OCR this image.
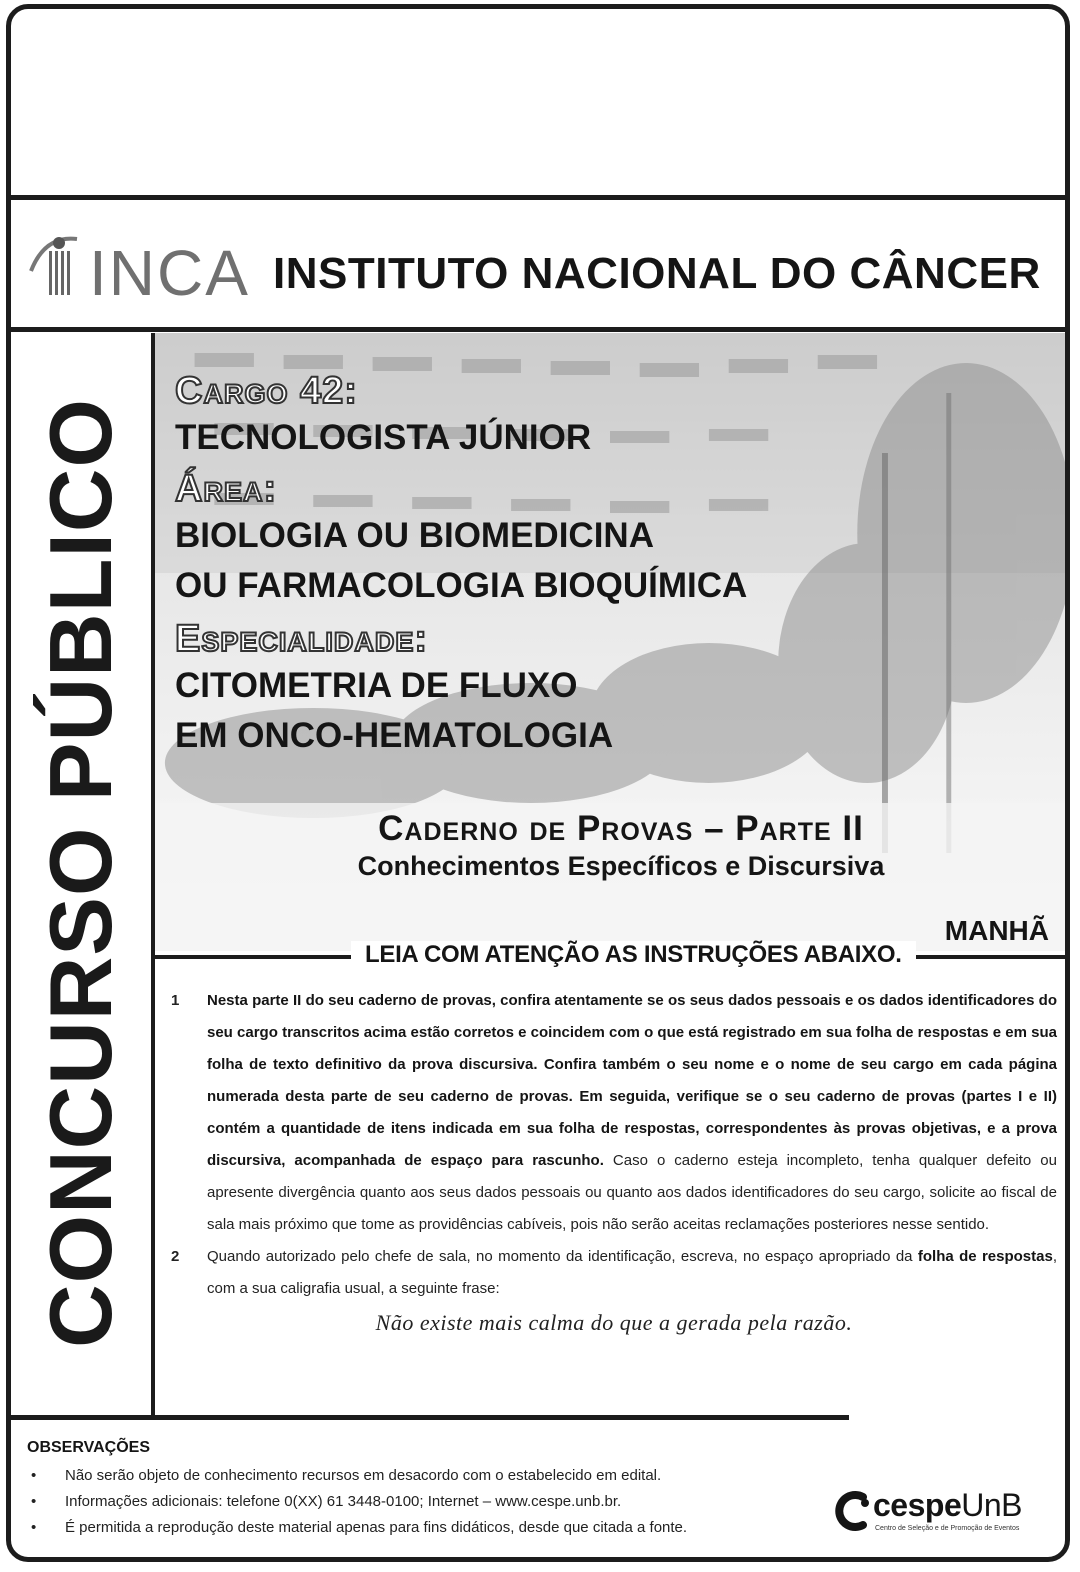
INCA INSTITUTO NACIONAL DO CÂNCER
CONCURSO PÚBLICO

Cargo 42:

TECNOLOGISTA JÚNIOR

Área:

BIOLOGIA OU BIOMEDICINA

OU FARMACOLOGIA BIOQUÍMICA

Especialidade:

CITOMETRIA DE FLUXO

EM ONCO-HEMATOLOGIA

Caderno de Provas – Parte II
Conhecimentos Específicos e Discursiva
MANHÃ
LEIA COM ATENÇÃO AS INSTRUÇÕES ABAIXO.
1	Nesta parte II do seu caderno de provas, confira atentamente se os seus dados pessoais e os dados identificadores do seu cargo transcritos acima estão corretos e coincidem com o que está registrado em sua folha de respostas e em sua folha de texto definitivo da prova discursiva. Confira também o seu nome e o nome de seu cargo em cada página numerada desta parte de seu caderno de provas. Em seguida, verifique se o seu caderno de provas (partes I e II) contém a quantidade de itens indicada em sua folha de respostas, correspondentes às provas objetivas, e a prova discursiva, acompanhada de espaço para rascunho. Caso o caderno esteja incompleto, tenha qualquer defeito ou apresente divergência quanto aos seus dados pessoais ou quanto aos dados identificadores do seu cargo, solicite ao fiscal de sala mais próximo que tome as providências cabíveis, pois não serão aceitas reclamações posteriores nesse sentido.
2	Quando autorizado pelo chefe de sala, no momento da identificação, escreva, no espaço apropriado da folha de respostas, com a sua caligrafia usual, a seguinte frase:
Não existe mais calma do que a gerada pela razão.
OBSERVAÇÕES
•	Não serão objeto de conhecimento recursos em desacordo com o estabelecido em edital.
•	Informações adicionais: telefone 0(XX) 61 3448-0100; Internet – www.cespe.unb.br.
•	É permitida a reprodução deste material apenas para fins didáticos, desde que citada a fonte.
cespeUnB
Centro de Seleção e de Promoção de Eventos
